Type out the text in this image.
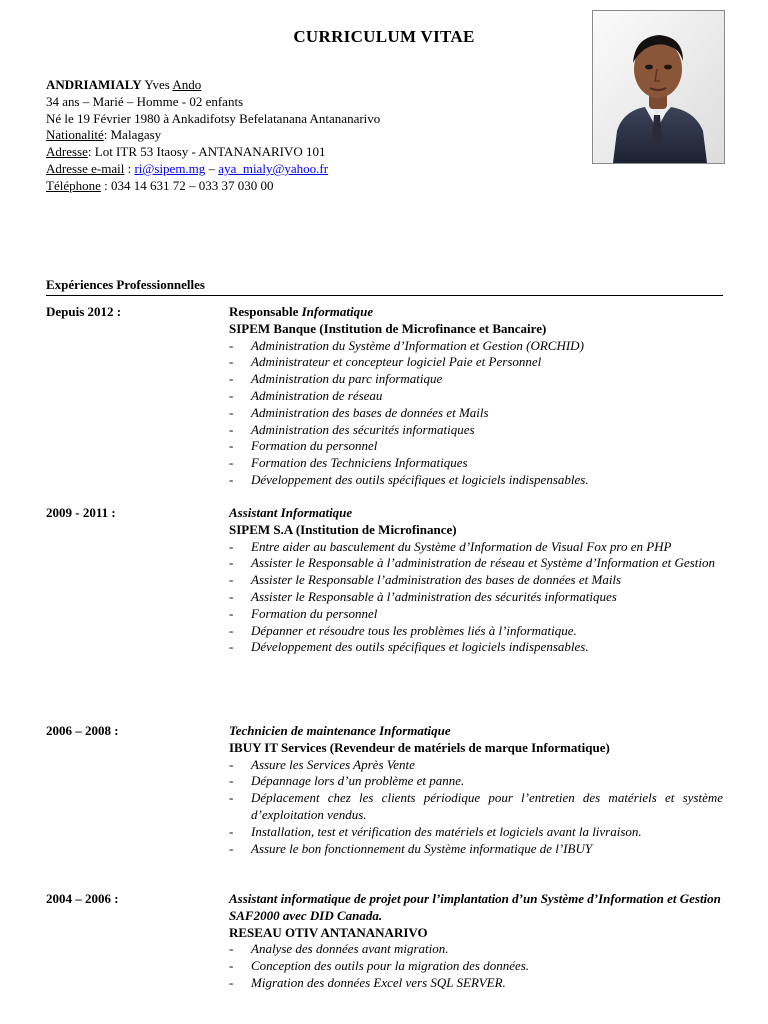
CURRICULUM VITAE
ANDRIAMIALY Yves Ando
34 ans – Marié – Homme - 02 enfants
Né le 19 Février 1980 à Ankadifotsy Befelatanana Antananarivo
Nationalité: Malagasy
Adresse: Lot ITR 53 Itaosy - ANTANANARIVO 101
Adresse e-mail : ri@sipem.mg – aya_mialy@yahoo.fr
Téléphone : 034 14 631 72 – 033 37 030 00
Expériences Professionnelles
Depuis 2012 :	Responsable Informatique
SIPEM Banque (Institution de Microfinance et Bancaire)
- Administration du Système d’Information et Gestion (ORCHID)
- Administrateur et concepteur logiciel Paie et Personnel
- Administration du parc informatique
- Administration de réseau
- Administration des bases de données et Mails
- Administration des sécurités informatiques
- Formation du personnel
- Formation des Techniciens Informatiques
- Développement des outils spécifiques et logiciels indispensables.
2009 - 2011 :	Assistant Informatique
SIPEM S.A (Institution de Microfinance)
- Entre aider au basculement du Système d’Information de Visual Fox pro en PHP
- Assister le Responsable à l’administration de réseau et Système d’Information et Gestion
- Assister le Responsable l’administration des bases de données et Mails
- Assister le Responsable à l’administration des sécurités informatiques
- Formation du personnel
- Dépanner et résoudre tous les problèmes liés à l’informatique.
- Développement des outils spécifiques et logiciels indispensables.
2006 – 2008 :	Technicien de maintenance Informatique
IBUY IT Services (Revendeur de matériels de marque Informatique)
- Assure les Services Après Vente
- Dépannage lors d’un problème et panne.
- Déplacement chez les clients périodique pour l’entretien des matériels et système d’exploitation vendus.
- Installation, test et vérification des matériels et logiciels avant la livraison.
- Assure le bon fonctionnement du Système informatique de l’IBUY
2004 – 2006 :	Assistant informatique de projet pour l’implantation d’un Système d’Information et Gestion SAF2000 avec DID Canada.
RESEAU OTIV ANTANANARIVO
- Analyse des données avant migration.
- Conception des outils pour la migration des données.
- Migration des données Excel vers SQL SERVER.
